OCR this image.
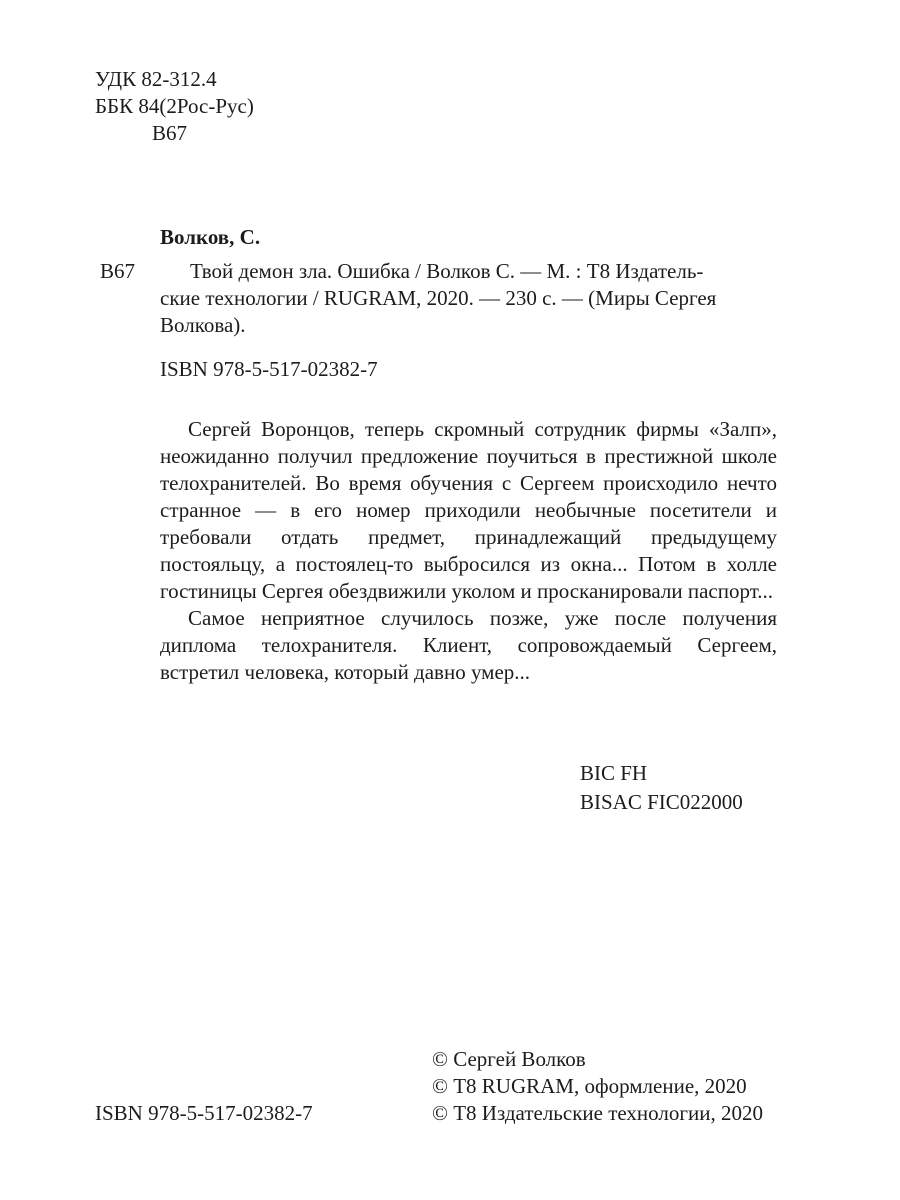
УДК 82-312.4
ББК 84(2Рос-Рус)
В67
Волков, С.
В67	Твой демон зла. Ошибка / Волков С. — М. : Т8 Издатель-
ские технологии / RUGRAM, 2020. — 230 с. — (Миры Сергея
Волкова).
ISBN 978-5-517-02382-7

Сергей Воронцов, теперь скромный сотрудник фирмы «Залп», неожиданно получил предложение поучиться в престижной школе телохранителей. Во время обучения с Сергеем происходило нечто странное — в его номер приходили необычные посетители и требовали отдать предмет, принадлежащий предыдущему постояльцу, а постоялец-то выбросился из окна... Потом в холле гостиницы Сергея обездвижили уколом и просканировали паспорт...

Самое неприятное случилось позже, уже после получения диплома телохранителя. Клиент, сопровождаемый Сергеем, встретил человека, который давно умер...

BIC FH
BISAC FIC022000
ISBN 978-5-517-02382-7
© Сергей Волков
© Т8 RUGRAM, оформление, 2020
© Т8 Издательские технологии, 2020
